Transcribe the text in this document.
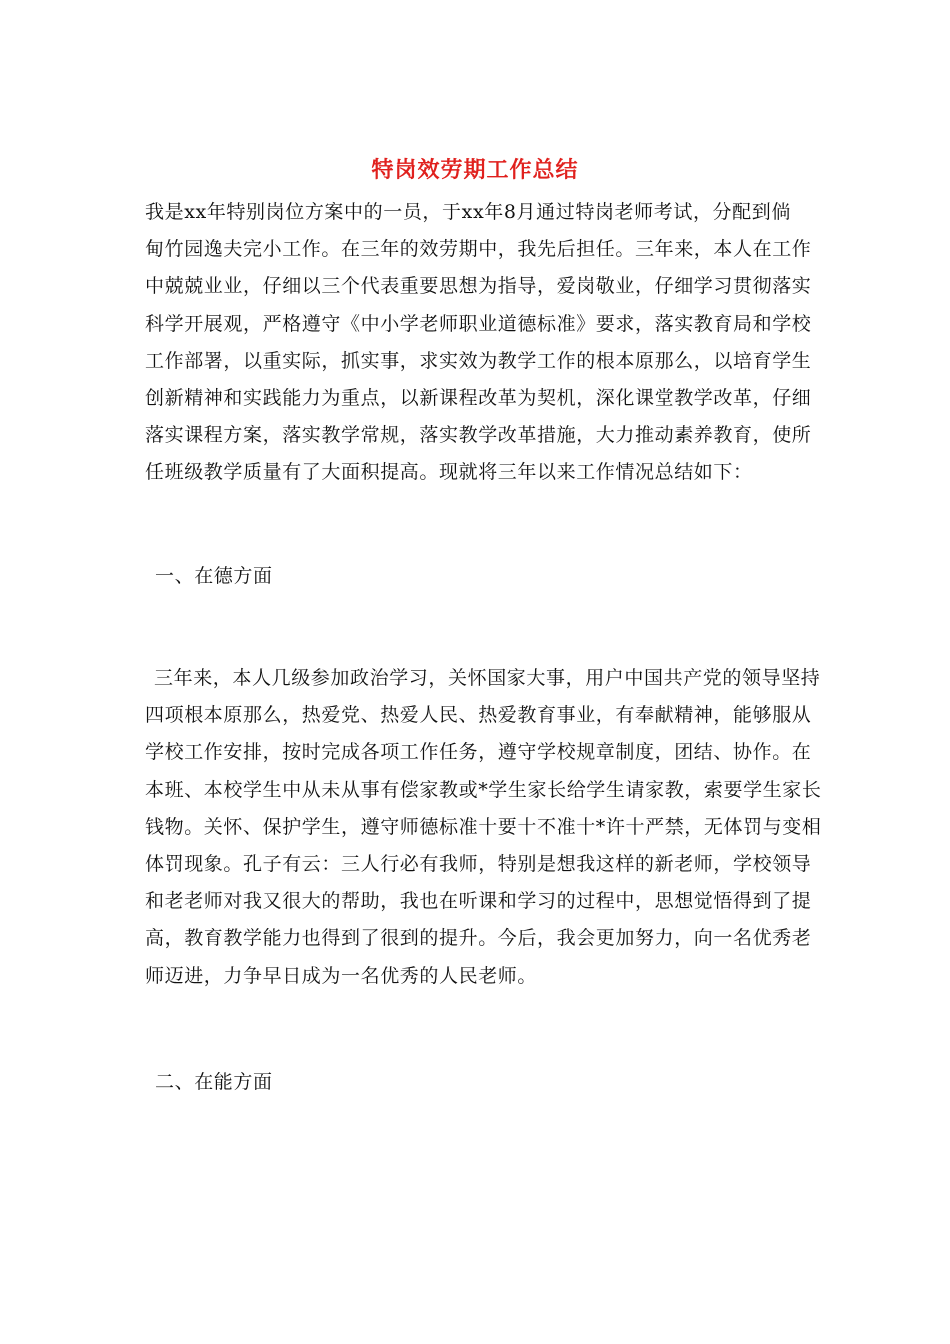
特岗效劳期工作总结
我是xx年特别岗位方案中的一员，于xx年8月通过特岗老师考试，分配到倘
甸竹园逸夫完小工作。在三年的效劳期中，我先后担任。三年来，本人在工作
中兢兢业业，仔细以三个代表重要思想为指导，爱岗敬业，仔细学习贯彻落实
科学开展观，严格遵守《中小学老师职业道德标准》要求，落实教育局和学校
工作部署，以重实际，抓实事，求实效为教学工作的根本原那么，以培育学生
创新精神和实践能力为重点，以新课程改革为契机，深化课堂教学改革，仔细
落实课程方案，落实教学常规，落实教学改革措施，大力推动素养教育，使所
任班级教学质量有了大面积提高。现就将三年以来工作情况总结如下：
一、在德方面
三年来，本人几级参加政治学习，关怀国家大事，用户中国共产党的领导坚持
四项根本原那么，热爱党、热爱人民、热爱教育事业，有奉献精神，能够服从
学校工作安排，按时完成各项工作任务，遵守学校规章制度，团结、协作。在
本班、本校学生中从未从事有偿家教或*学生家长给学生请家教，索要学生家长
钱物。关怀、保护学生，遵守师德标准十要十不准十*许十严禁，无体罚与变相
体罚现象。孔子有云：三人行必有我师，特别是想我这样的新老师，学校领导
和老老师对我又很大的帮助，我也在听课和学习的过程中，思想觉悟得到了提
高，教育教学能力也得到了很到的提升。今后，我会更加努力，向一名优秀老
师迈进，力争早日成为一名优秀的人民老师。
二、在能方面
